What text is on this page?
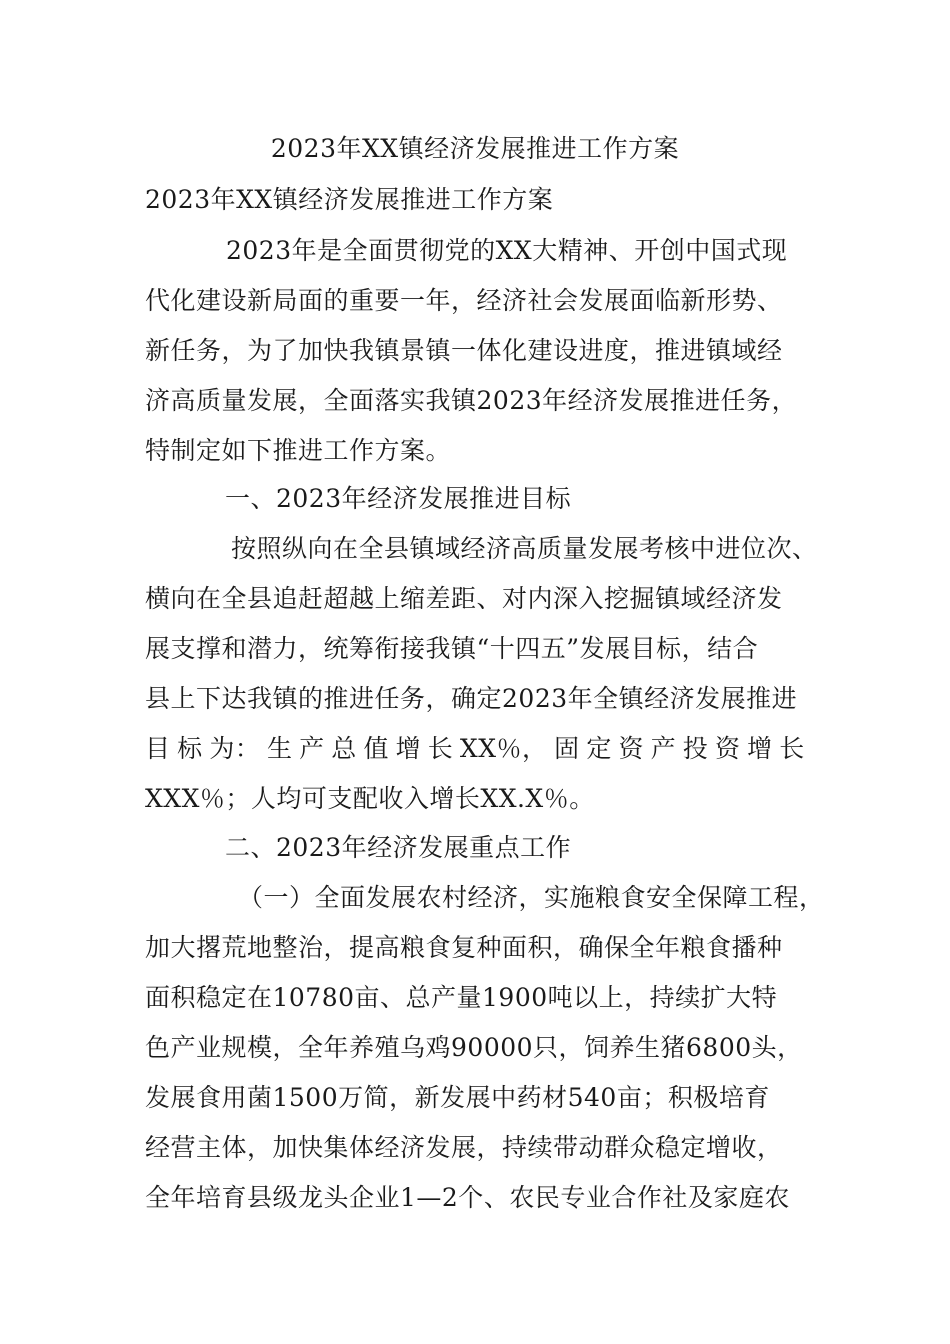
2023年XX镇经济发展推进工作方案
2023年XX镇经济发展推进工作方案
2023年是全面贯彻党的XX大精神、开创中国式现
代化建设新局面的重要一年，经济社会发展面临新形势、
新任务，为了加快我镇景镇一体化建设进度，推进镇域经
济高质量发展，全面落实我镇2023年经济发展推进任务，
特制定如下推进工作方案。
一、2023年经济发展推进目标
按照纵向在全县镇域经济高质量发展考核中进位次、
横向在全县追赶超越上缩差距、对内深入挖掘镇域经济发
展支撑和潜力，统筹衔接我镇“十四五”发展目标，结合
县上下达我镇的推进任务，确定2023年全镇经济发展推进
目 标 为： 生 产 总 值 增 长 XX％， 固 定 资 产 投 资 增 长
XXX％；人均可支配收入增长XX.X％。
二、2023年经济发展重点工作
（一）全面发展农村经济，实施粮食安全保障工程，
加大撂荒地整治，提高粮食复种面积，确保全年粮食播种
面积稳定在10780亩、总产量1900吨以上，持续扩大特
色产业规模，全年养殖乌鸡90000只，饲养生猪6800头，
发展食用菌1500万简，新发展中药材540亩；积极培育
经营主体，加快集体经济发展，持续带动群众稳定增收，
全年培育县级龙头企业1—2个、农民专业合作社及家庭农
